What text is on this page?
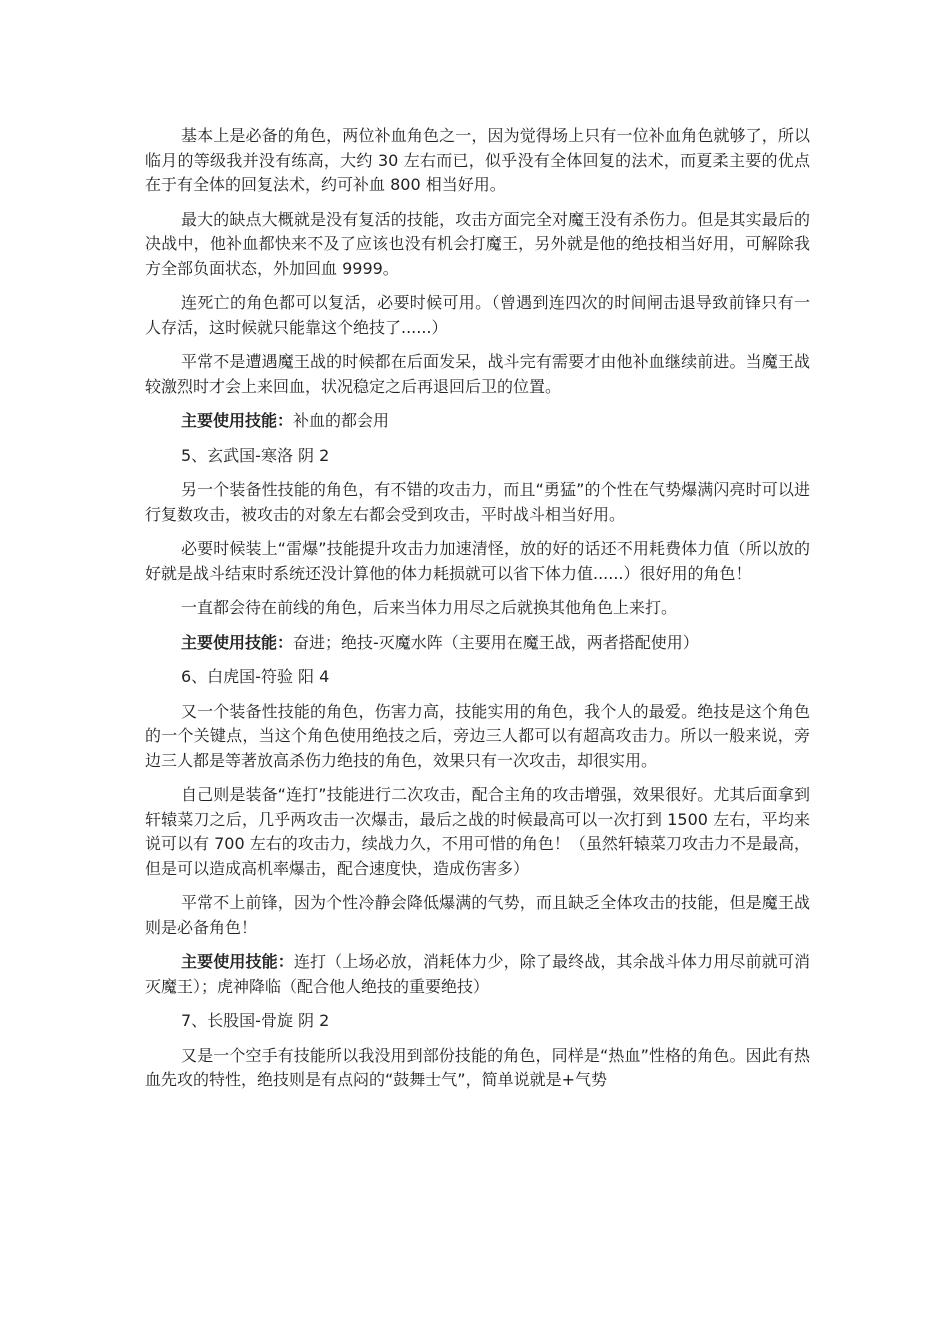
基本上是必备的角色，两位补血角色之一，因为觉得场上只有一位补血角色就够了，所以临月的等级我并没有练高，大约 30 左右而已，似乎没有全体回复的法术，而夏柔主要的优点在于有全体的回复法术，约可补血 800 相当好用。

最大的缺点大概就是没有复活的技能，攻击方面完全对魔王没有杀伤力。但是其实最后的决战中，他补血都快来不及了应该也没有机会打魔王，另外就是他的绝技相当好用，可解除我方全部负面状态，外加回血 9999。

连死亡的角色都可以复活，必要时候可用。（曾遇到连四次的时间闸击退导致前锋只有一人存活，这时候就只能靠这个绝技了......）

平常不是遭遇魔王战的时候都在后面发呆，战斗完有需要才由他补血继续前进。当魔王战较激烈时才会上来回血，状况稳定之后再退回后卫的位置。

主要使用技能：补血的都会用

5、玄武国-寒洛 阴 2

另一个装备性技能的角色，有不错的攻击力，而且“勇猛”的个性在气势爆满闪亮时可以进行复数攻击，被攻击的对象左右都会受到攻击，平时战斗相当好用。

必要时候装上“雷爆”技能提升攻击力加速清怪，放的好的话还不用耗费体力值（所以放的好就是战斗结束时系统还没计算他的体力耗损就可以省下体力值......）很好用的角色！

一直都会待在前线的角色，后来当体力用尽之后就换其他角色上来打。

主要使用技能：奋进；绝技-灭魔水阵（主要用在魔王战，两者搭配使用）

6、白虎国-符验 阳 4

又一个装备性技能的角色，伤害力高，技能实用的角色，我个人的最爱。绝技是这个角色的一个关键点，当这个角色使用绝技之后，旁边三人都可以有超高攻击力。所以一般来说，旁边三人都是等著放高杀伤力绝技的角色，效果只有一次攻击，却很实用。

自己则是装备“连打”技能进行二次攻击，配合主角的攻击增强，效果很好。尤其后面拿到轩辕菜刀之后，几乎两攻击一次爆击，最后之战的时候最高可以一次打到 1500 左右，平均来说可以有 700 左右的攻击力，续战力久，不用可惜的角色！（虽然轩辕菜刀攻击力不是最高，但是可以造成高机率爆击，配合速度快，造成伤害多）

平常不上前锋，因为个性冷静会降低爆满的气势，而且缺乏全体攻击的技能，但是魔王战则是必备角色！

主要使用技能：连打（上场必放，消耗体力少，除了最终战，其余战斗体力用尽前就可消灭魔王）；虎神降临（配合他人绝技的重要绝技）

7、长股国-骨旋 阴 2

又是一个空手有技能所以我没用到部份技能的角色，同样是“热血”性格的角色。因此有热血先攻的特性，绝技则是有点闷的“鼓舞士气”，简单说就是+气势
